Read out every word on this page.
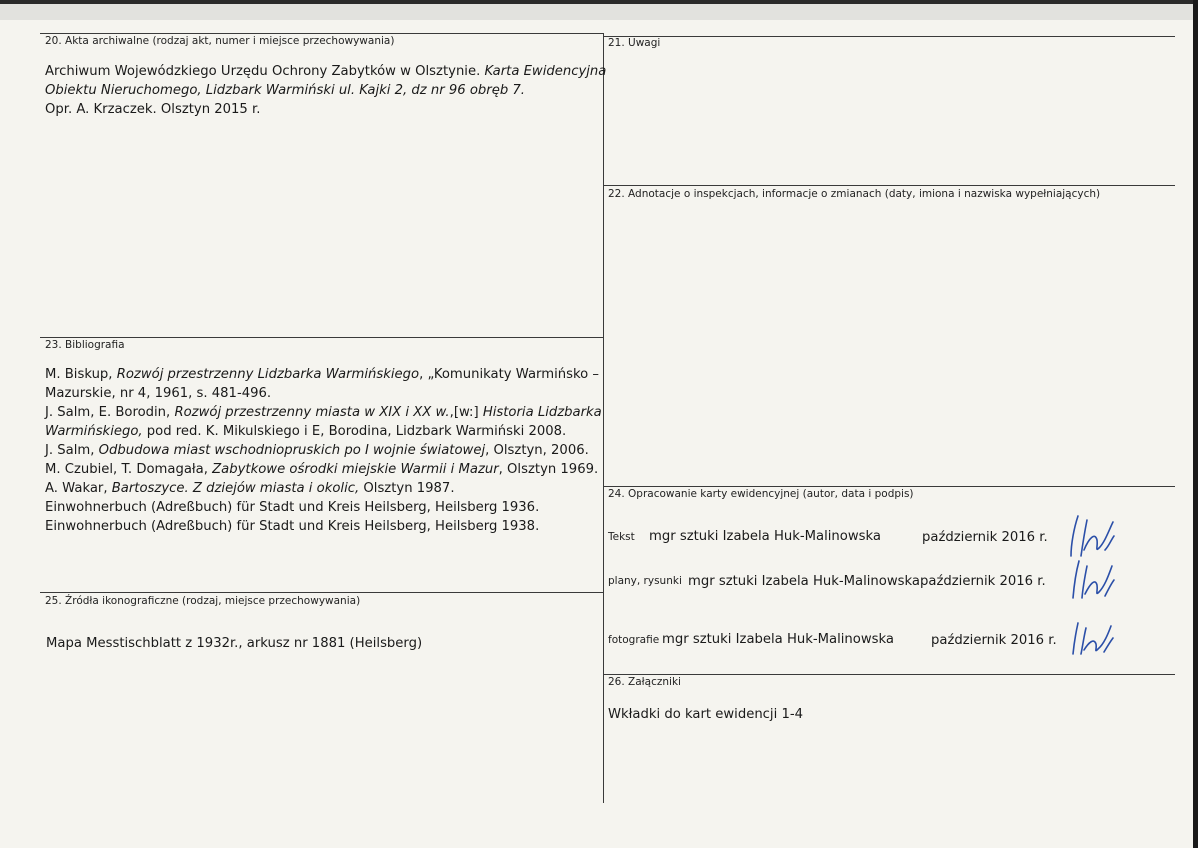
20. Akta archiwalne (rodzaj akt, numer i miejsce przechowywania)
Archiwum Wojewódzkiego Urzędu Ochrony Zabytków w Olsztynie. Karta Ewidencyjna
Obiektu Nieruchomego, Lidzbark Warmiński ul. Kajki 2, dz nr 96 obręb 7.
Opr. A. Krzaczek. Olsztyn 2015 r.
21. Uwagi
22. Adnotacje o inspekcjach, informacje o zmianach (daty, imiona i nazwiska wypełniających)
23. Bibliografia
M. Biskup, Rozwój przestrzenny Lidzbarka Warmińskiego, „Komunikaty Warmińsko –
Mazurskie, nr 4, 1961, s. 481-496.
J. Salm, E. Borodin, Rozwój przestrzenny miasta w XIX i XX w.,[w:] Historia Lidzbarka
Warmińskiego, pod red. K. Mikulskiego i E, Borodina, Lidzbark Warmiński 2008.
J. Salm, Odbudowa miast wschodniopruskich po I wojnie światowej, Olsztyn, 2006.
M. Czubiel, T. Domagała, Zabytkowe ośrodki miejskie Warmii i Mazur, Olsztyn 1969.
A. Wakar, Bartoszyce. Z dziejów miasta i okolic, Olsztyn 1987.
Einwohnerbuch (Adreßbuch) für Stadt und Kreis Heilsberg, Heilsberg 1936.
Einwohnerbuch (Adreßbuch) für Stadt und Kreis Heilsberg, Heilsberg 1938.
24. Opracowanie karty ewidencyjnej (autor, data i podpis)
Tekst mgr sztuki Izabela Huk-Malinowska	październik 2016 r.
plany, rysunki mgr sztuki Izabela Huk-Malinowska październik 2016 r.
fotografie mgr sztuki Izabela Huk-Malinowska	październik 2016 r.
25. Źródła ikonograficzne (rodzaj, miejsce przechowywania)
Mapa Messtischblatt z 1932r., arkusz nr 1881 (Heilsberg)
26. Załączniki
Wkładki do kart ewidencji 1-4
